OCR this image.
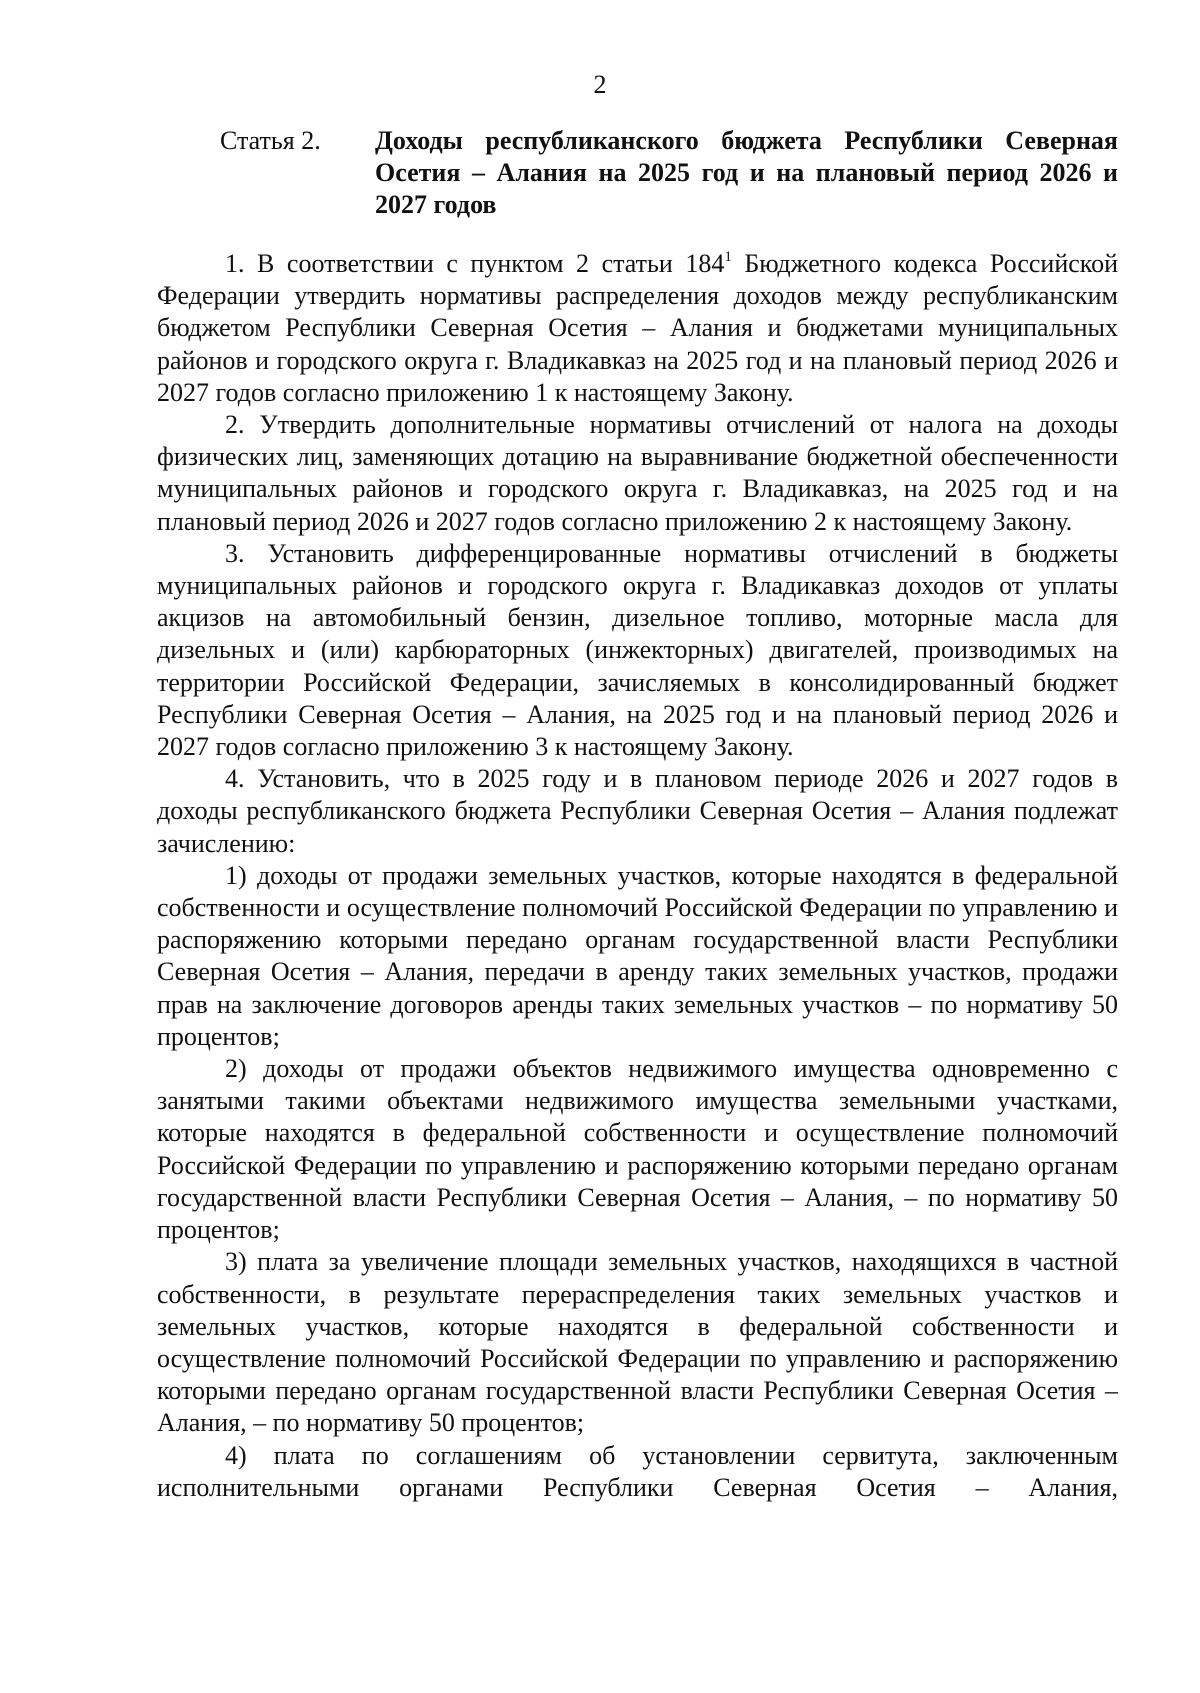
2
Статья 2.	Доходы республиканского бюджета Республики Северная Осетия – Алания на 2025 год и на плановый период 2026 и 2027 годов

1. В соответствии с пунктом 2 статьи $184^1$ Бюджетного кодекса Российской Федерации утвердить нормативы распределения доходов между республиканским бюджетом Республики Северная Осетия – Алания и бюджетами муниципальных районов и городского округа г. Владикавказ на 2025 год и на плановый период 2026 и 2027 годов согласно приложению 1 к настоящему Закону.

2. Утвердить дополнительные нормативы отчислений от налога на доходы физических лиц, заменяющих дотацию на выравнивание бюджетной обеспеченности муниципальных районов и городского округа г. Владикавказ, на 2025 год и на плановый период 2026 и 2027 годов согласно приложению 2 к настоящему Закону.

3. Установить дифференцированные нормативы отчислений в бюджеты муниципальных районов и городского округа г. Владикавказ доходов от уплаты акцизов на автомобильный бензин, дизельное топливо, моторные масла для дизельных и (или) карбюраторных (инжекторных) двигателей, производимых на территории Российской Федерации, зачисляемых в консолидированный бюджет Республики Северная Осетия – Алания, на 2025 год и на плановый период 2026 и 2027 годов согласно приложению 3 к настоящему Закону.

4. Установить, что в 2025 году и в плановом периоде 2026 и 2027 годов в доходы республиканского бюджета Республики Северная Осетия – Алания подлежат зачислению:

1) доходы от продажи земельных участков, которые находятся в федеральной собственности и осуществление полномочий Российской Федерации по управлению и распоряжению которыми передано органам государственной власти Республики Северная Осетия – Алания, передачи в аренду таких земельных участков, продажи прав на заключение договоров аренды таких земельных участков – по нормативу 50 процентов;

2) доходы от продажи объектов недвижимого имущества одновременно с занятыми такими объектами недвижимого имущества земельными участками, которые находятся в федеральной собственности и осуществление полномочий Российской Федерации по управлению и распоряжению которыми передано органам государственной власти Республики Северная Осетия – Алания, – по нормативу 50 процентов;

3) плата за увеличение площади земельных участков, находящихся в частной собственности, в результате перераспределения таких земельных участков и земельных участков, которые находятся в федеральной собственности и осуществление полномочий Российской Федерации по управлению и распоряжению которыми передано органам государственной власти Республики Северная Осетия – Алания, – по нормативу 50 процентов;

4) плата по соглашениям об установлении сервитута, заключенным исполнительными органами Республики Северная Осетия – Алания,
